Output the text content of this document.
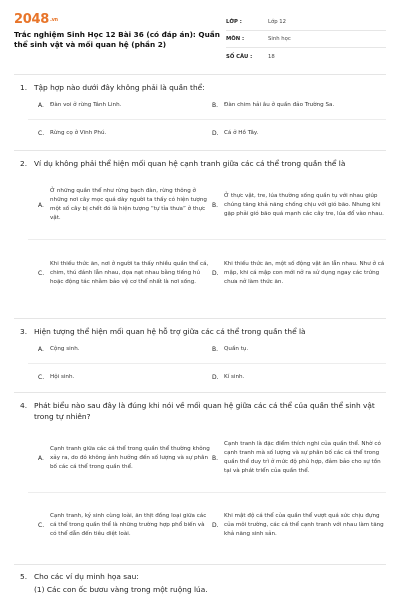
2048.vn
Trắc nghiệm Sinh Học 12 Bài 36 (có đáp án): Quần thể sinh vật và mối quan hệ (phần 2)
LỚP :	Lớp 12
MÔN :	Sinh học
SỐ CÂU :	18
1. Tập hợp nào dưới đây không phải là quần thể:
A.	Đàn voi ở rừng Tánh Linh.	B.	Đàn chim hải âu ở quần đảo Trường Sa.
C.	Rừng cọ ở Vĩnh Phú.	D. Cá ở Hồ Tây.
2. Ví dụ không phải thể hiện mối quan hệ cạnh tranh giữa các cá thể trong quần thể là
A.
Ở những quần thể như rừng bạch đàn, rừng thông ở những nơi cây mọc quá dày người ta thấy có hiện tượng một số cây bị chết đó là hiện tượng “tự tỉa thưa” ở thực vật.
B.
Ở thực vật, tre, lúa thường sống quần tụ với nhau giúp chúng tăng khả năng chống chịu với gió bão. Nhưng khi gặp phải gió bão quá mạnh các cây tre, lúa đổ vào nhau.
C.
Khi thiếu thức ăn, nơi ở người ta thấy nhiều quần thể cá, chim, thú đánh lẫn nhau, dọa nạt nhau bằng tiếng hú hoặc động tác nhằm bảo vệ cơ thể nhất là nơi sống.
D.
Khi thiếu thức ăn, một số động vật ăn lẫn nhau. Như ở cá mập, khi cá mập con mới nở ra sử dụng ngay các trứng chưa nở làm thức ăn.
3. Hiện tượng thể hiện mối quan hệ hỗ trợ giữa các cá thể trong quần thể là
A.	Cộng sinh.	B.	Quần tụ.
C.	Hội sinh.	D. Kí sinh.
4. Phát biểu nào sau đây là đúng khi nói về mối quan hệ giữa các cá thể của quần thể sinh vật trong tự nhiên?
A.
Cạnh tranh giữa các cá thể trong quần thể thường không xảy ra, do đó không ảnh hưởng đến số lượng và sự phân bố các cá thể trong quần thể.
B.
Cạnh tranh là đặc điểm thích nghi của quần thể. Nhờ có cạnh tranh mà số lượng và sự phân bố các cá thể trong quần thể duy trì ở mức độ phù hợp, đảm bảo cho sự tồn tại và phát triển của quần thể.
C.
Cạnh tranh, ký sinh cùng loài, ăn thịt đồng loại giữa các cá thể trong quần thể là những trường hợp phổ biến và có thể dẫn đến tiêu diệt loài.
D.
Khi mật độ cá thể của quần thể vượt quá sức chịu đựng của môi trường, các cá thể cạnh tranh với nhau làm tăng khả năng sinh sản.
5. Cho các ví dụ minh họa sau:
(1) Các con ốc bươu vàng trong một ruộng lúa.
